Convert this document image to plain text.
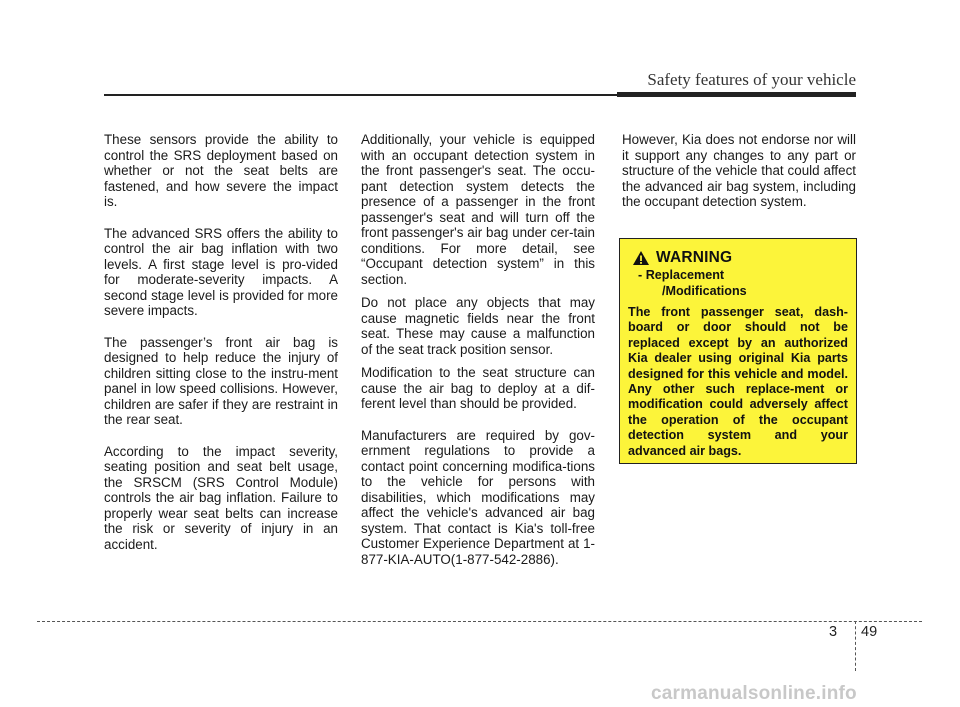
Safety features of your vehicle

These sensors provide the ability to control the SRS deployment based on whether or not the seat belts are fastened, and how severe the impact is.

The advanced SRS offers the ability to control the air bag inflation with two levels. A first stage level is pro-vided for moderate-severity impacts. A second stage level is provided for more severe impacts.

The passenger’s front air bag is designed to help reduce the injury of children sitting close to the instru-ment panel in low speed collisions. However, children are safer if they are restraint in the rear seat.

According to the impact severity, seating position and seat belt usage, the SRSCM (SRS Control Module) controls the air bag inflation. Failure to properly wear seat belts can increase the risk or severity of injury in an accident.

Additionally, your vehicle is equipped with an occupant detection system in the front passenger's seat. The occu-pant detection system detects the presence of a passenger in the front passenger's seat and will turn off the front passenger's air bag under cer-tain conditions. For more detail, see “Occupant detection system” in this section.

Do not place any objects that may cause magnetic fields near the front seat. These may cause a malfunction of the seat track position sensor.

Modification to the seat structure can cause the air bag to deploy at a dif-ferent level than should be provided.

Manufacturers are required by gov-ernment regulations to provide a contact point concerning modifica-tions to the vehicle for persons with disabilities, which modifications may affect the vehicle's advanced air bag system. That contact is Kia's toll-free Customer Experience Department at 1-877-KIA-AUTO(1-877-542-2886).

However, Kia does not endorse nor will it support any changes to any part or structure of the vehicle that could affect the advanced air bag system, including the occupant detection system.

WARNING
- Replacement
/Modifications
The front passenger seat, dash-board or door should not be replaced except by an authorized Kia dealer using original Kia parts designed for this vehicle and model. Any other such replace-ment or modification could adversely affect the operation of the occupant detection system and your advanced air bags.
3 49
carmanualsonline.info
